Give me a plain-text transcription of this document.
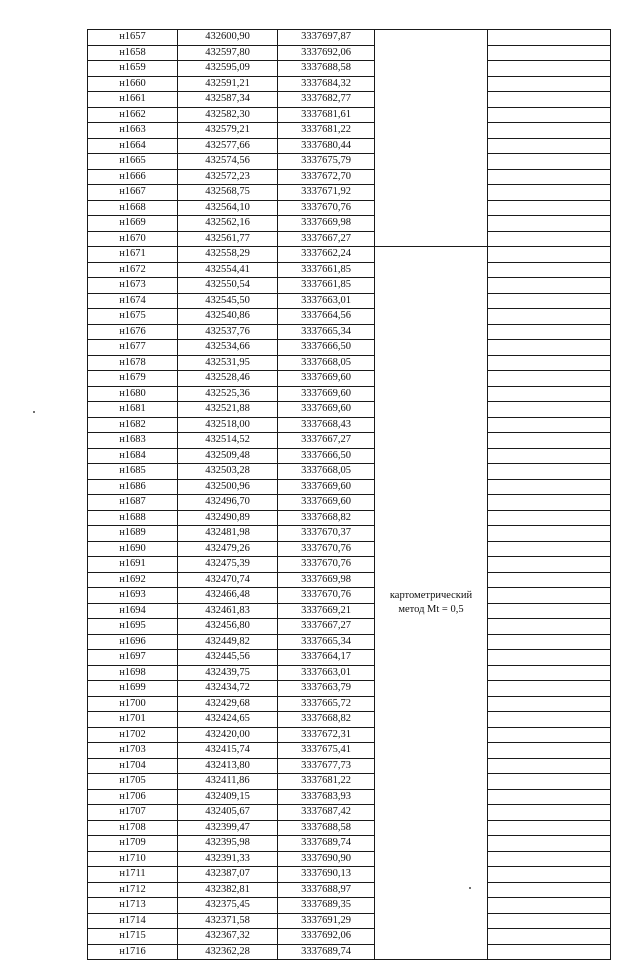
н1657	432600,90	3337697,87		
н1658	432597,80	3337692,06		
н1659	432595,09	3337688,58		
н1660	432591,21	3337684,32		
н1661	432587,34	3337682,77		
н1662	432582,30	3337681,61		
н1663	432579,21	3337681,22		
н1664	432577,66	3337680,44		
н1665	432574,56	3337675,79		
н1666	432572,23	3337672,70		
н1667	432568,75	3337671,92		
н1668	432564,10	3337670,76		
н1669	432562,16	3337669,98		
н1670	432561,77	3337667,27		
н1671	432558,29	3337662,24	картометрический
метод Mt = 0,5	
н1672	432554,41	3337661,85		
н1673	432550,54	3337661,85		
н1674	432545,50	3337663,01		
н1675	432540,86	3337664,56		
н1676	432537,76	3337665,34		
н1677	432534,66	3337666,50		
н1678	432531,95	3337668,05		
н1679	432528,46	3337669,60		
н1680	432525,36	3337669,60		
н1681	432521,88	3337669,60		
н1682	432518,00	3337668,43		
н1683	432514,52	3337667,27		
н1684	432509,48	3337666,50		
н1685	432503,28	3337668,05		
н1686	432500,96	3337669,60		
н1687	432496,70	3337669,60		
н1688	432490,89	3337668,82		
н1689	432481,98	3337670,37		
н1690	432479,26	3337670,76		
н1691	432475,39	3337670,76		
н1692	432470,74	3337669,98		
н1693	432466,48	3337670,76		
н1694	432461,83	3337669,21		
н1695	432456,80	3337667,27		
н1696	432449,82	3337665,34		
н1697	432445,56	3337664,17		
н1698	432439,75	3337663,01		
н1699	432434,72	3337663,79		
н1700	432429,68	3337665,72		
н1701	432424,65	3337668,82		
н1702	432420,00	3337672,31		
н1703	432415,74	3337675,41		
н1704	432413,80	3337677,73		
н1705	432411,86	3337681,22		
н1706	432409,15	3337683,93		
н1707	432405,67	3337687,42		
н1708	432399,47	3337688,58		
н1709	432395,98	3337689,74		
н1710	432391,33	3337690,90		
н1711	432387,07	3337690,13		
н1712	432382,81	3337688,97		
н1713	432375,45	3337689,35		
н1714	432371,58	3337691,29		
н1715	432367,32	3337692,06		
н1716	432362,28	3337689,74		
